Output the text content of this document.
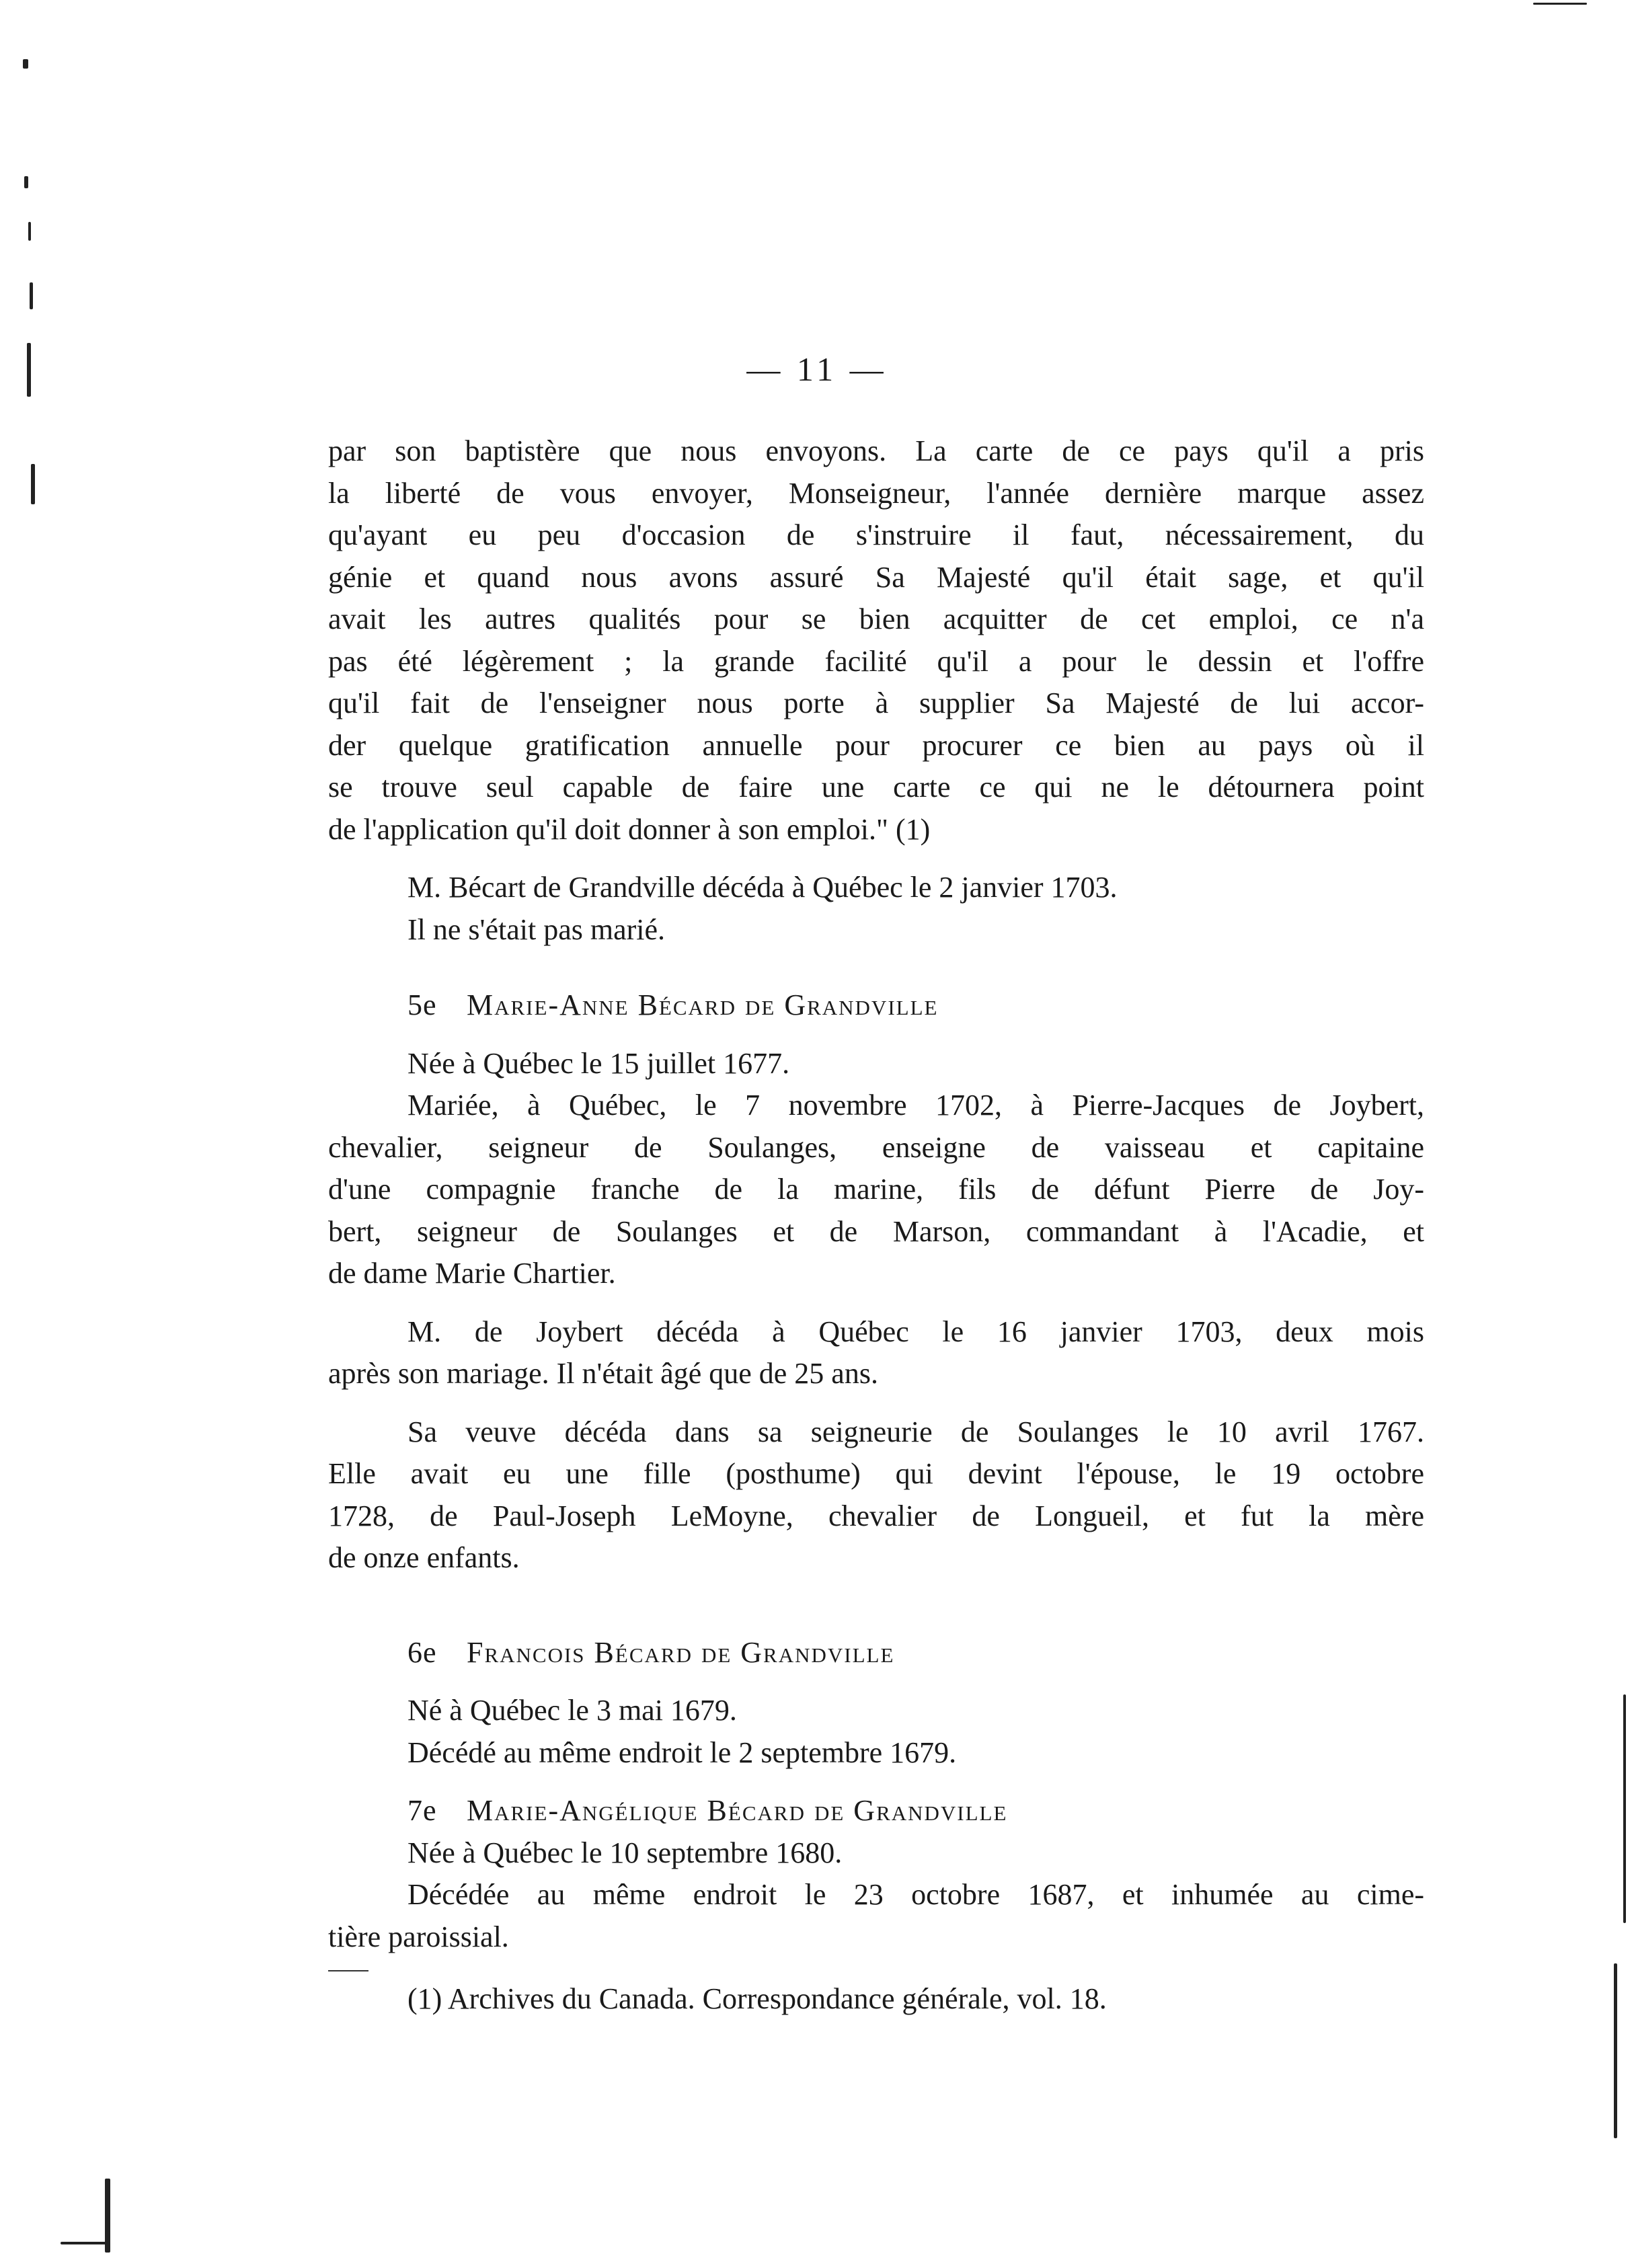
— 11 —

par son baptistère que nous envoyons. La carte de ce pays qu'il a pris

la liberté de vous envoyer, Monseigneur, l'année dernière marque assez

qu'ayant eu peu d'occasion de s'instruire il faut, nécessairement, du

génie et quand nous avons assuré Sa Majesté qu'il était sage, et qu'il

avait les autres qualités pour se bien acquitter de cet emploi, ce n'a

pas été légèrement ; la grande facilité qu'il a pour le dessin et l'offre

qu'il fait de l'enseigner nous porte à supplier Sa Majesté de lui accor-

der quelque gratification annuelle pour procurer ce bien au pays où il

se trouve seul capable de faire une carte ce qui ne le détournera point

de l'application qu'il doit donner à son emploi." (1)

M. Bécart de Grandville décéda à Québec le 2 janvier 1703.

Il ne s'était pas marié.

5e Marie-Anne Bécard de Grandville

Née à Québec le 15 juillet 1677.

Mariée, à Québec, le 7 novembre 1702, à Pierre-Jacques de Joybert,

chevalier, seigneur de Soulanges, enseigne de vaisseau et capitaine

d'une compagnie franche de la marine, fils de défunt Pierre de Joy-

bert, seigneur de Soulanges et de Marson, commandant à l'Acadie, et

de dame Marie Chartier.

M. de Joybert décéda à Québec le 16 janvier 1703, deux mois

après son mariage. Il n'était âgé que de 25 ans.

Sa veuve décéda dans sa seigneurie de Soulanges le 10 avril 1767.

Elle avait eu une fille (posthume) qui devint l'épouse, le 19 octobre

1728, de Paul-Joseph LeMoyne, chevalier de Longueil, et fut la mère

de onze enfants.

6e Francois Bécard de Grandville

Né à Québec le 3 mai 1679.

Décédé au même endroit le 2 septembre 1679.

7e Marie-Angélique Bécard de Grandville

Née à Québec le 10 septembre 1680.

Décédée au même endroit le 23 octobre 1687, et inhumée au cime-

tière paroissial.

(1) Archives du Canada. Correspondance générale, vol. 18.
